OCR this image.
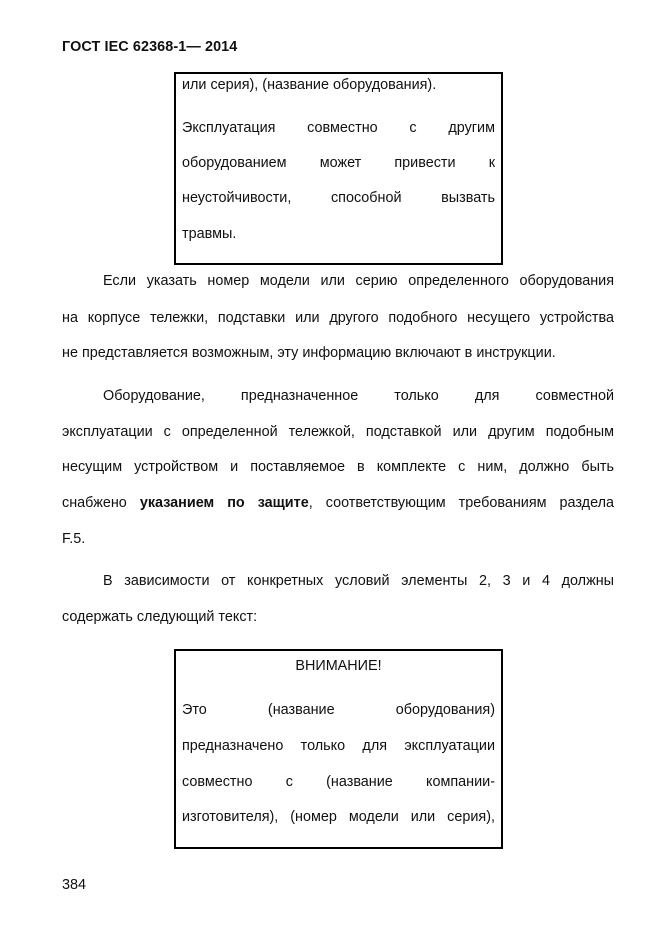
ГОСТ IEC 62368-1— 2014
или серия), (название оборудования).
Эксплуатация совместно с другим
оборудованием может привести к
неустойчивости, способной вызвать
травмы.
Если указать номер модели или серию определенного оборудования
на корпусе тележки, подставки или другого подобного несущего устройства
не представляется возможным, эту информацию включают в инструкции.
Оборудование, предназначенное только для совместной
эксплуатации с определенной тележкой, подставкой или другим подобным
несущим устройством и поставляемое в комплекте с ним, должно быть
снабжено указанием по защите, соответствующим требованиям раздела
F.5.
В зависимости от конкретных условий элементы 2, 3 и 4 должны
содержать следующий текст:
ВНИМАНИЕ!
Это (название оборудования)
предназначено только для эксплуатации
совместно с (название компании-
изготовителя), (номер модели или серия),
384
